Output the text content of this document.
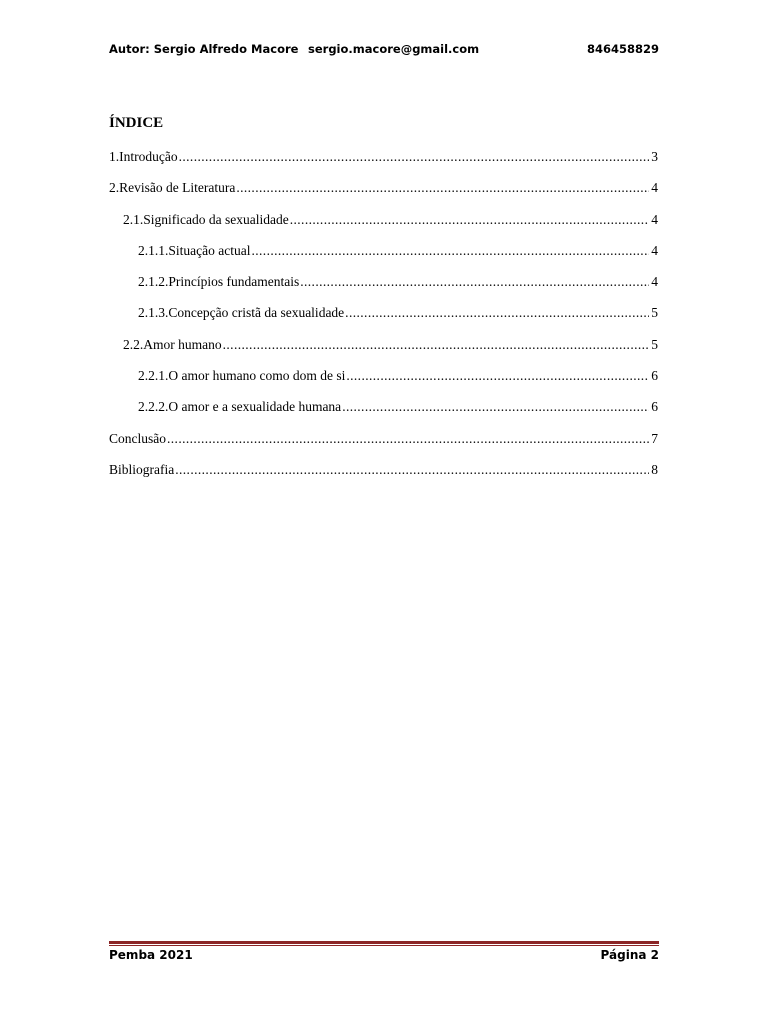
Autor: Sergio Alfredo Macore sergio.macore@gmail.com	846458829
ÍNDICE
1.Introdução .....	3
2.Revisão de Literatura .....	4
2.1.Significado da sexualidade .....	4
2.1.1.Situação actual .....	4
2.1.2.Princípios fundamentais .....	4
2.1.3.Concepção cristã da sexualidade .....	5
2.2.Amor humano .....	5
2.2.1.O amor humano como dom de si .....	6
2.2.2.O amor e a sexualidade humana .....	6
Conclusão .....	7
Bibliografia .....	8
Pemba 2021	Página 2
